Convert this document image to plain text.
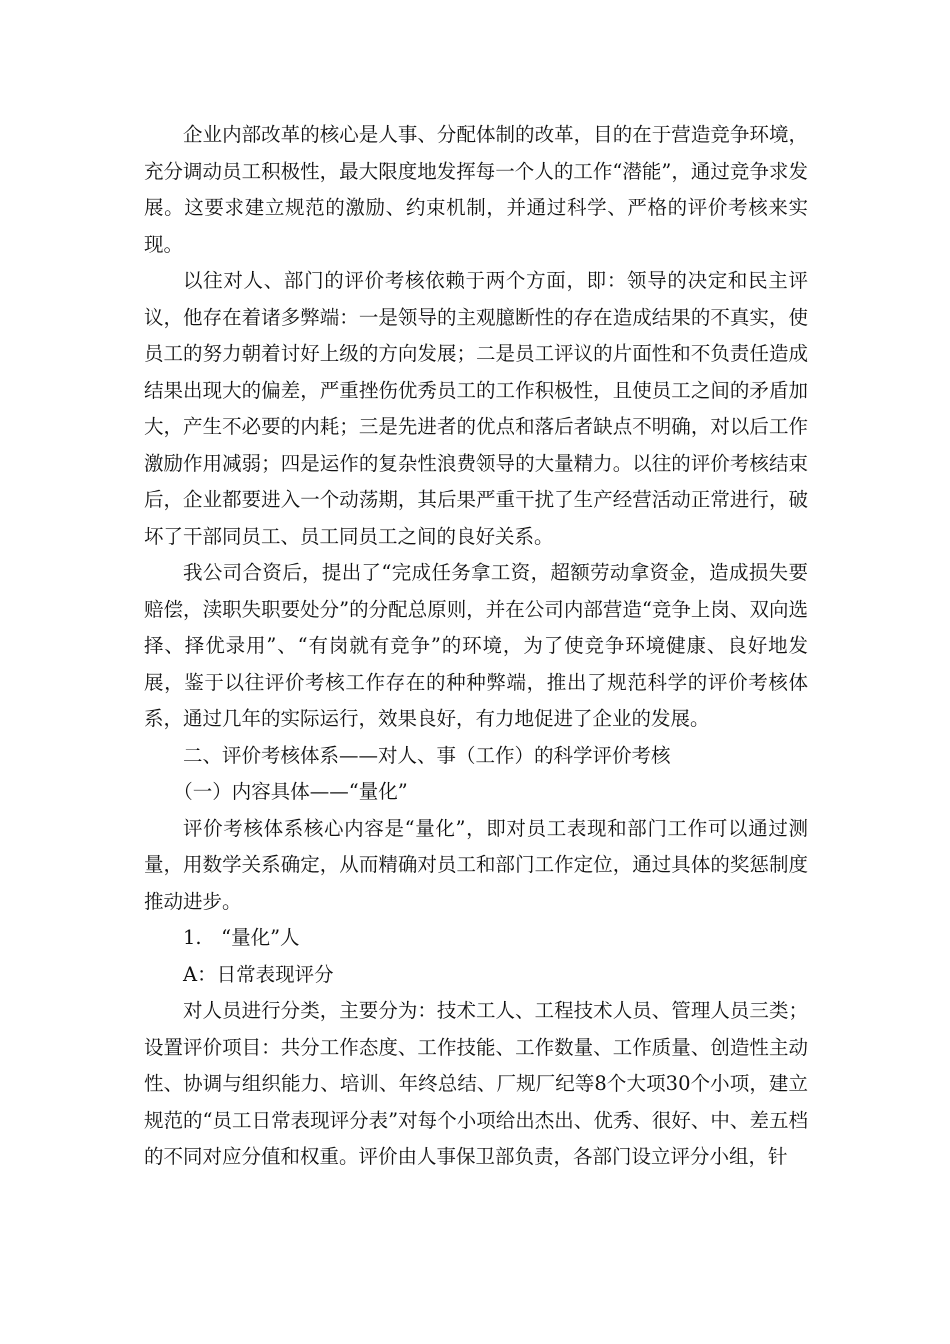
企业内部改革的核心是人事、分配体制的改革，目的在于营造竞争环境，充分调动员工积极性，最大限度地发挥每一个人的工作“潜能”，通过竞争求发展。这要求建立规范的激励、约束机制，并通过科学、严格的评价考核来实现。

以往对人、部门的评价考核依赖于两个方面，即：领导的决定和民主评议，他存在着诸多弊端：一是领导的主观臆断性的存在造成结果的不真实，使员工的努力朝着讨好上级的方向发展；二是员工评议的片面性和不负责任造成结果出现大的偏差，严重挫伤优秀员工的工作积极性，且使员工之间的矛盾加大，产生不必要的内耗；三是先进者的优点和落后者缺点不明确，对以后工作激励作用减弱；四是运作的复杂性浪费领导的大量精力。以往的评价考核结束后，企业都要进入一个动荡期，其后果严重干扰了生产经营活动正常进行，破坏了干部同员工、员工同员工之间的良好关系。

我公司合资后，提出了“完成任务拿工资，超额劳动拿资金，造成损失要赔偿，渎职失职要处分”的分配总原则，并在公司内部营造“竞争上岗、双向选择、择优录用”、“有岗就有竞争”的环境，为了使竞争环境健康、良好地发展，鉴于以往评价考核工作存在的种种弊端，推出了规范科学的评价考核体系，通过几年的实际运行，效果良好，有力地促进了企业的发展。

二、评价考核体系——对人、事（工作）的科学评价考核

（一）内容具体——“量化”

评价考核体系核心内容是“量化”，即对员工表现和部门工作可以通过测量，用数学关系确定，从而精确对员工和部门工作定位，通过具体的奖惩制度推动进步。

1.　“量化”人

A：日常表现评分

对人员进行分类，主要分为：技术工人、工程技术人员、管理人员三类；设置评价项目：共分工作态度、工作技能、工作数量、工作质量、创造性主动性、协调与组织能力、培训、年终总结、厂规厂纪等8个大项30个小项，建立规范的“员工日常表现评分表”对每个小项给出杰出、优秀、很好、中、差五档的不同对应分值和权重。评价由人事保卫部负责，各部门设立评分小组，针
